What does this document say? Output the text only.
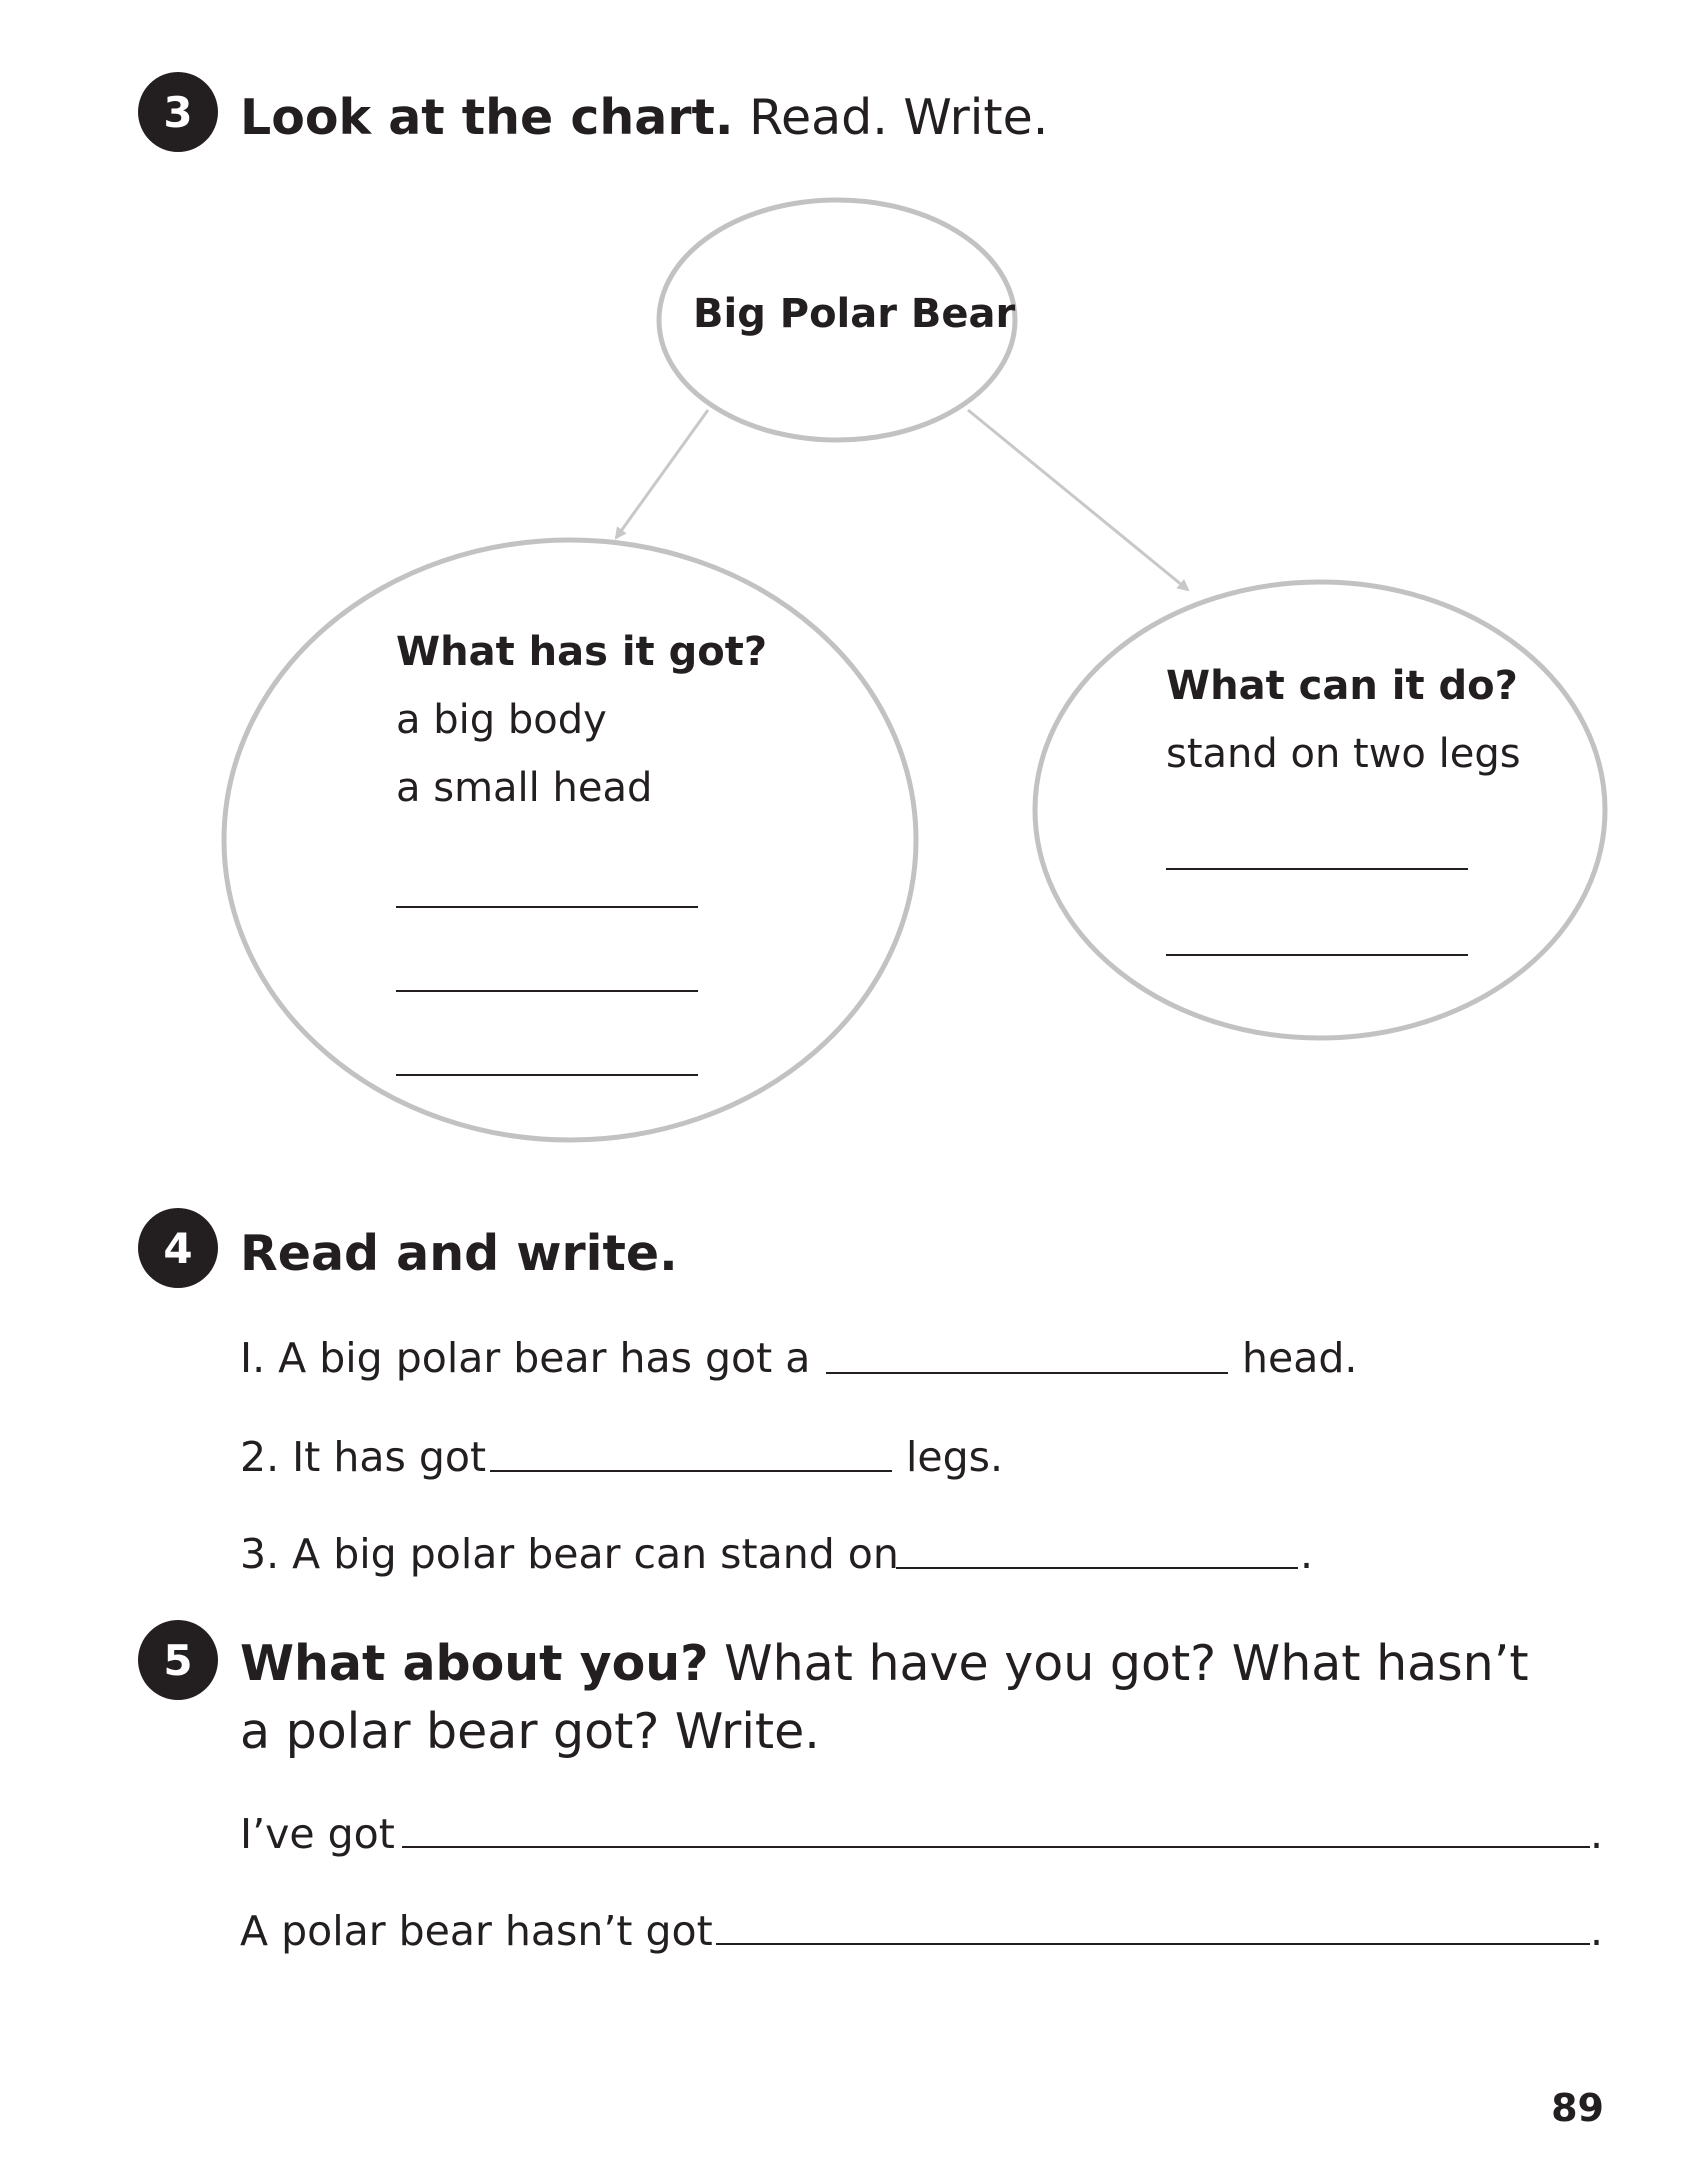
3 Look at the chart. Read. Write.
Big Polar Bear
What has it got?
a big body
a small head
What can it do?
stand on two legs
4 Read and write.
I. A big polar bear has got a	head.
2. It has got	legs.
3. A big polar bear can stand on	.
5 What about you? What have you got? What hasn’t a polar bear got? Write.
I’ve got	.
A polar bear hasn’t got	.
89
